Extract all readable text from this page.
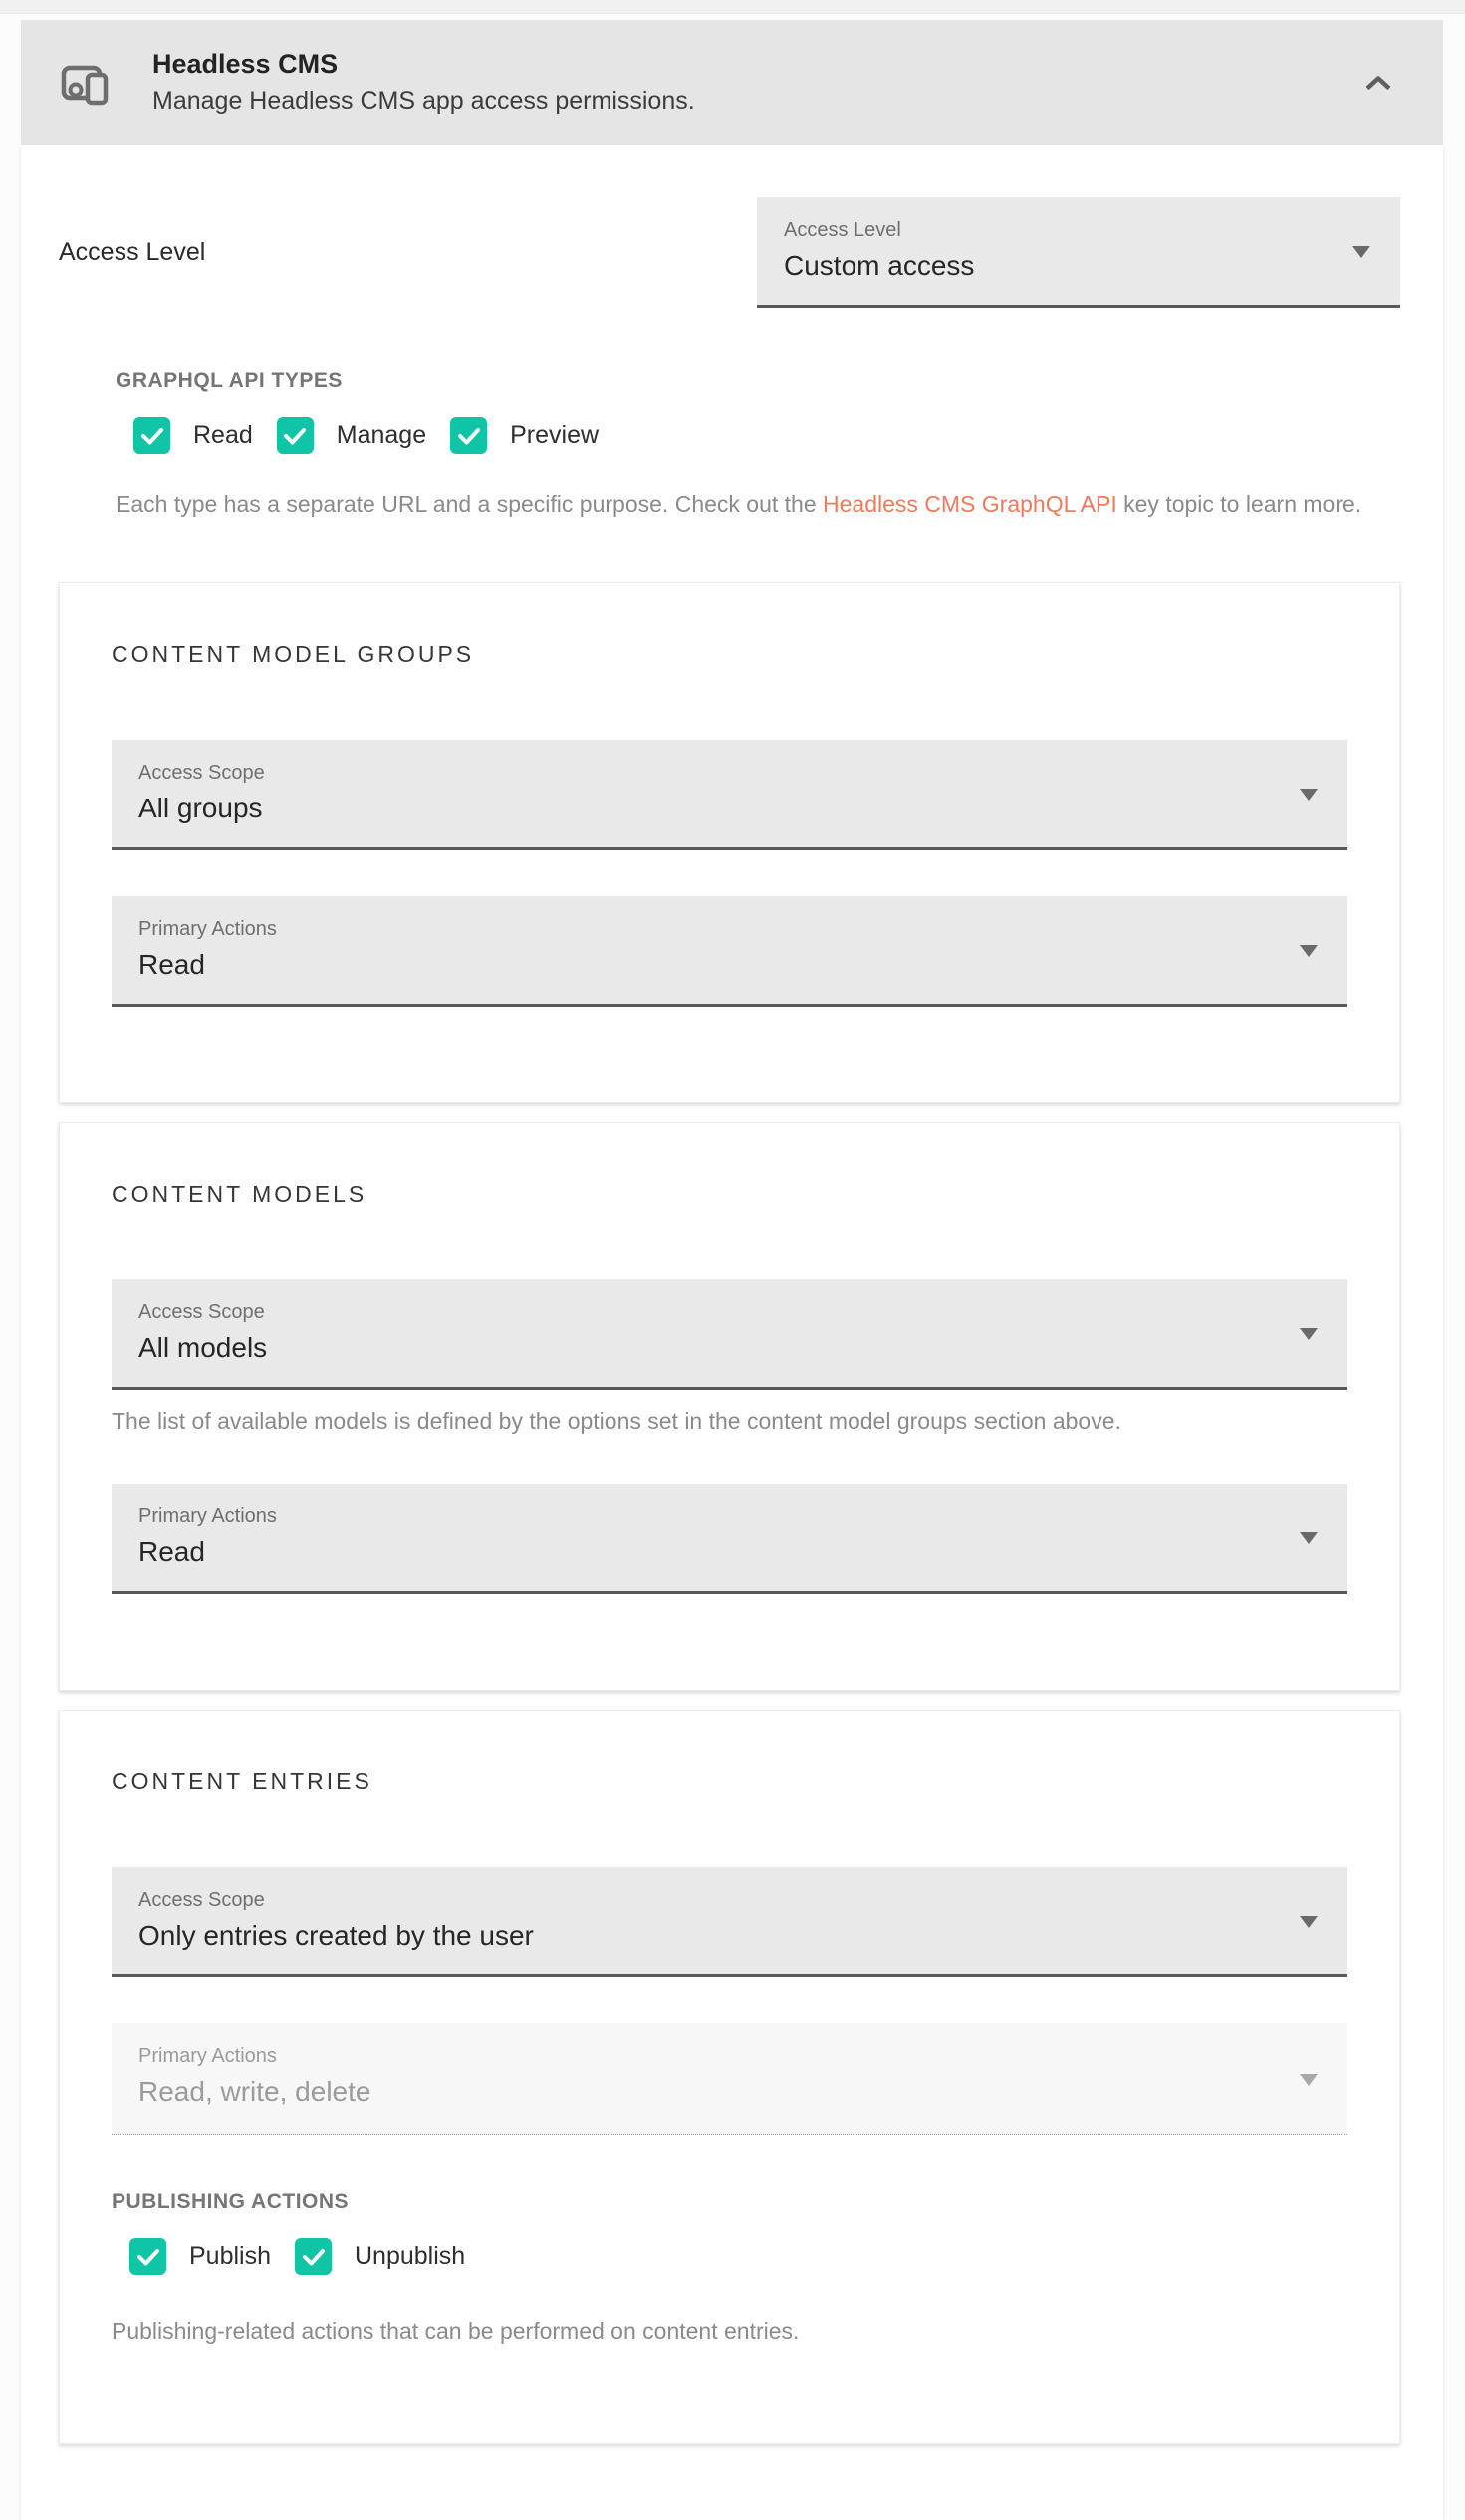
Headless CMS
Manage Headless CMS app access permissions.
Access Level
Access Level
Custom access
GRAPHQL API TYPES
Read	Manage	Preview

Each type has a separate URL and a specific purpose. Check out the Headless CMS GraphQL API key topic to learn more.

CONTENT MODEL GROUPS
Access Scope
All groups
Primary Actions
Read
CONTENT MODELS
Access Scope
All models

The list of available models is defined by the options set in the content model groups section above.

Primary Actions
Read
CONTENT ENTRIES
Access Scope
Only entries created by the user
Primary Actions
Read, write, delete
PUBLISHING ACTIONS
Publish	Unpublish

Publishing-related actions that can be performed on content entries.
